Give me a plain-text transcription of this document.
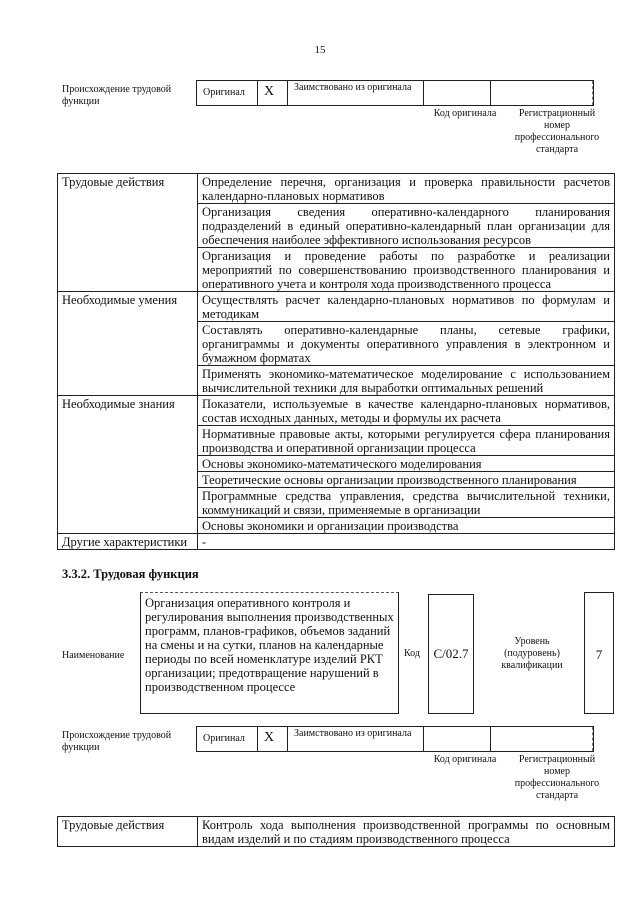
15
Происхождение трудовой функции
Оригинал	X	Заимствовано из оригинала
Код оригинала	Регистрационный номер профессионального стандарта
Трудовые действия	Определение перечня, организация и проверка правильности расчетов календарно-плановых нормативов
	Организация сведения оперативно-календарного планирования подразделений в единый оперативно-календарный план организации для обеспечения наиболее эффективного использования ресурсов
	Организация и проведение работы по разработке и реализации мероприятий по совершенствованию производственного планирования и оперативного учета и контроля хода производственного процесса
Необходимые умения	Осуществлять расчет календарно-плановых нормативов по формулам и методикам
	Составлять оперативно-календарные планы, сетевые графики, органиграммы и документы оперативного управления в электронном и бумажном форматах
	Применять экономико-математическое моделирование с использованием вычислительной техники для выработки оптимальных решений
Необходимые знания	Показатели, используемые в качестве календарно-плановых нормативов, состав исходных данных, методы и формулы их расчета
	Нормативные правовые акты, которыми регулируется сфера планирования производства и оперативной организации процесса
	Основы экономико-математического моделирования
	Теоретические основы организации производственного планирования
	Программные средства управления, средства вычислительной техники, коммуникаций и связи, применяемые в организации
	Основы экономики и организации производства
Другие характеристики	-
3.3.2. Трудовая функция
Наименование
Организация оперативного контроля и регулирования выполнения производственных программ, планов-графиков, объемов заданий на смены и на сутки, планов на календарные периоды по всей номенклатуре изделий РКТ организации; предотвращение нарушений в производственном процессе
Код	C/02.7
Уровень (подуровень) квалификации
7
Происхождение трудовой функции
Оригинал	X	Заимствовано из оригинала
Код оригинала	Регистрационный номер профессионального стандарта
Трудовые действия	Контроль хода выполнения производственной программы по основным видам изделий и по стадиям производственного процесса
